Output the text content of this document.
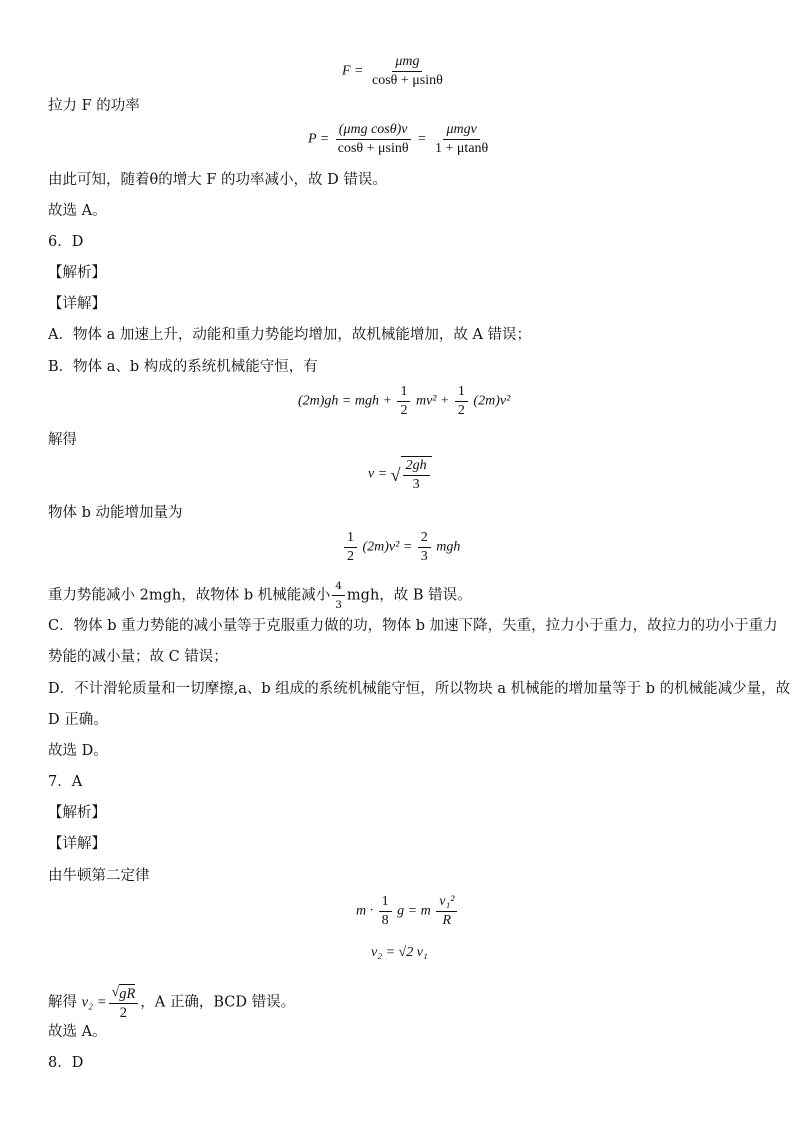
$F = \frac{\text{μmg}}{\cos\theta + \mu\sin\theta}$
拉力 F 的功率
$P = \frac{\text{(μmg cosθ)v}}{\cos\theta + \mu\sin\theta} = \frac{\text{μmgv}}{1 + \mu\tan\theta}$
由此可知，随着θ的增大 F 的功率减小，故 D 错误。
故选 A。
6．D
【解析】
【详解】
A．物体 a 加速上升，动能和重力势能均增加，故机械能增加，故 A 错误；
B．物体 a、b 构成的系统机械能守恒，有
(2m)gh = mgh + $\frac{1}{2} mv^2 + \frac{1}{2} (2m)v^2$
解得
v = √ $\frac{2gh}{3}$
物体 b 动能增加量为
$\frac{1}{2} (2m)v^2 = \frac{2}{3}$ mgh
重力势能减小 2mgh，故物体 b 机械能减小 $\frac{4}{3}$ mgh，故 B 错误。
C．物体 b 重力势能的减小量等于克服重力做的功，物体 b 加速下降，失重，拉力小于重力，故拉力的功小于重力
势能的减小量；故 C 错误；
D．不计滑轮质量和一切摩擦,a、b 组成的系统机械能守恒，所以物块 a 机械能的增加量等于 b 的机械能减少量，故
D 正确。
故选 D。
7．A
【解析】
【详解】
由牛顿第二定律
$m \cdot \frac{1}{8}$ g = m $\frac{\text{v₁²}}{R}$
v₂ = √2 v₁
解得 $v_2 = \frac{√ gR}{2}$ ，A 正确，BCD 错误。
故选 A。
8．D
